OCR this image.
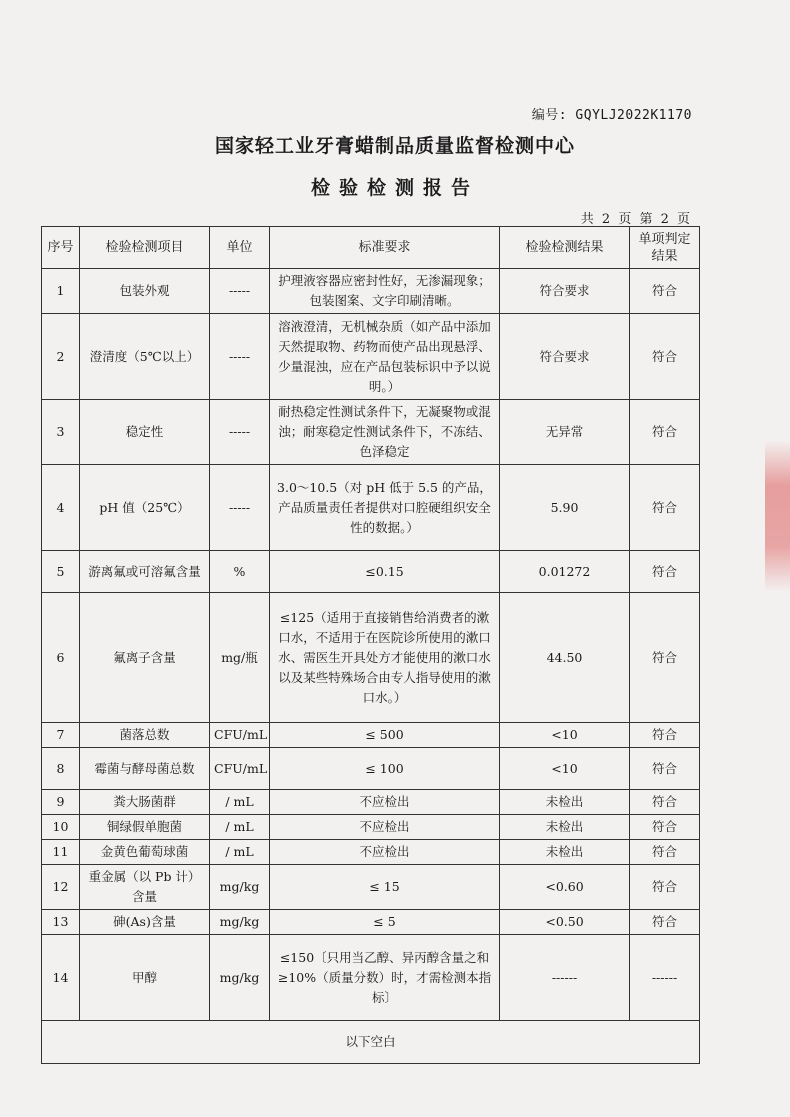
编号: GQYLJ2022K1170
国家轻工业牙膏蜡制品质量监督检测中心
检验检测报告
共 2 页 第 2 页
序号	检验检测项目	单位	标准要求	检验检测结果	单项判定结果
1	包装外观	-----	护理液容器应密封性好，无渗漏现象；包装图案、文字印刷清晰。	符合要求	符合
2	澄清度（5℃以上）	-----	溶液澄清，无机械杂质（如产品中添加天然提取物、药物而使产品出现悬浮、少量混浊，应在产品包装标识中予以说明。）	符合要求	符合
3	稳定性	-----	耐热稳定性测试条件下，无凝聚物或混浊；耐寒稳定性测试条件下，不冻结、色泽稳定	无异常	符合
4	pH 值（25℃）	-----	3.0～10.5（对 pH 低于 5.5 的产品，产品质量责任者提供对口腔硬组织安全性的数据。）	5.90	符合
5	游离氟或可溶氟含量	%	≤0.15	0.01272	符合
6	氟离子含量	mg/瓶	≤125（适用于直接销售给消费者的漱口水，不适用于在医院诊所使用的漱口水、需医生开具处方才能使用的漱口水以及某些特殊场合由专人指导使用的漱口水。）	44.50	符合
7	菌落总数	CFU/mL	≤ 500	<10	符合
8	霉菌与酵母菌总数	CFU/mL	≤ 100	<10	符合
9	粪大肠菌群	/ mL	不应检出	未检出	符合
10	铜绿假单胞菌	/ mL	不应检出	未检出	符合
11	金黄色葡萄球菌	/ mL	不应检出	未检出	符合
12	重金属（以 Pb 计）含量	mg/kg	≤ 15	<0.60	符合
13	砷(As)含量	mg/kg	≤ 5	<0.50	符合
14	甲醇	mg/kg	≤150〔只用当乙醇、异丙醇含量之和≥10%（质量分数）时，才需检测本指标〕	------	------
以下空白					
